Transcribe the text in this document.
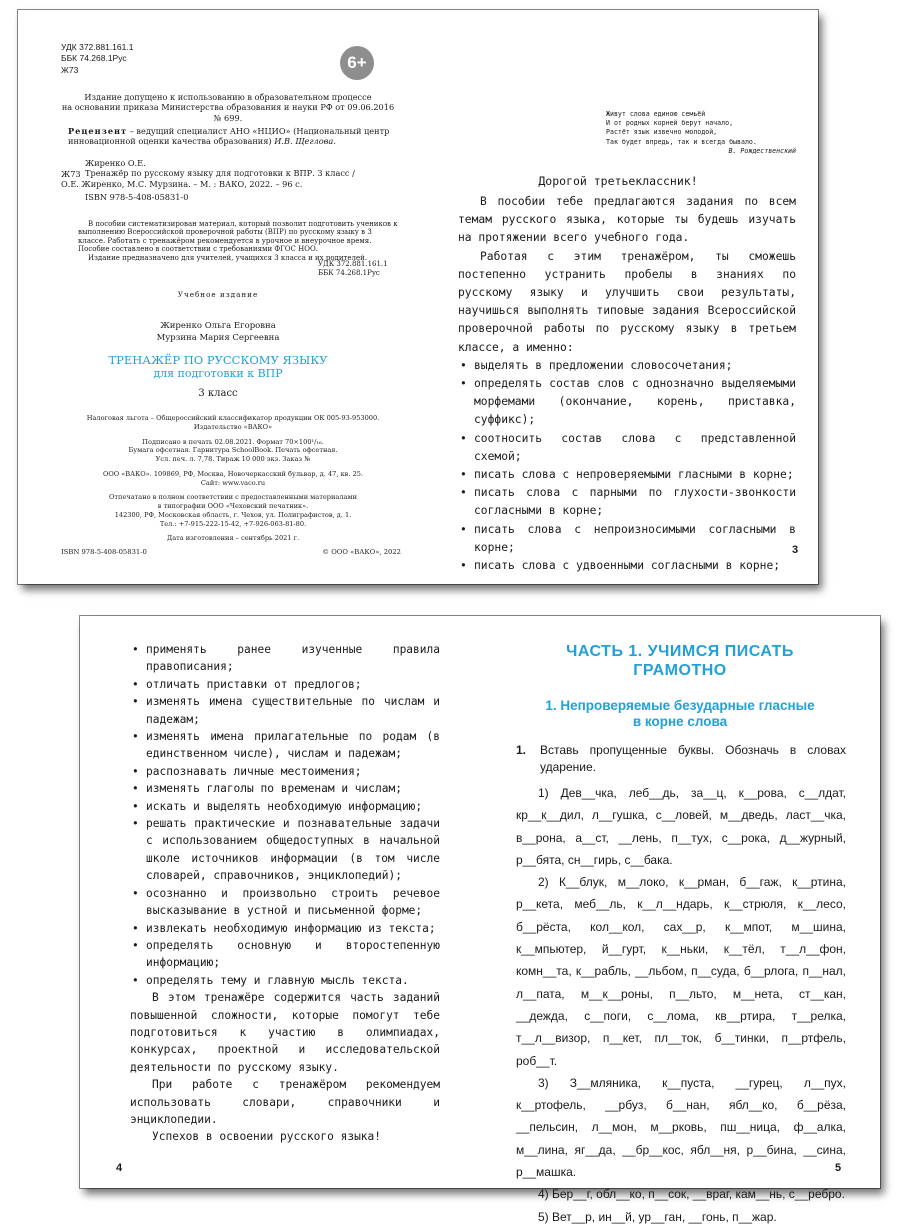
УДК 372.881.161.1
ББК 74.268.1Рус
Ж73	6+
Издание допущено к использованию в образовательном процессе
на основании приказа Министерства образования и науки РФ от 09.06.2016 № 699.
Рецензент – ведущий специалист АНО «НЦИО» (Национальный центр инновационной оценки качества образования) И.В. Щеглова.
Жиренко О.Е.
Ж73 Тренажёр по русскому языку для подготовки к ВПР. 3 класс /
О.Е. Жиренко, М.С. Мурзина. – М. : ВАКО, 2022. – 96 с.
ISBN 978-5-408-05831-0
В пособии систематизирован материал, который позволит подготовить учеников к выполнению Всероссийской проверочной работы (ВПР) по русскому языку в 3 классе. Работать с тренажёром рекомендуется в урочное и внеурочное время. Пособие составлено в соответствии с требованиями ФГОС НОО.
Издание предназначено для учителей, учащихся 3 класса и их родителей.
УДК 372.881.161.1
ББК 74.268.1Рус
Учебное издание
Жиренко Ольга Егоровна
Мурзина Мария Сергеевна
ТРЕНАЖЁР ПО РУССКОМУ ЯЗЫКУ
для подготовки к ВПР
3 класс
Налоговая льгота – Общероссийский классификатор продукции ОК 005-93-953000.
Издательство «ВАКО»
Подписано в печать 02.08.2021. Формат 70×100¹/₁₆.
Бумага офсетная. Гарнитура SchoolBook. Печать офсетная.
Усл. печ. л. 7,78. Тираж 10 000 экз. Заказ №
ООО «ВАКО». 109869, РФ, Москва, Новочеркасский бульвар, д. 47, кв. 25.
Сайт: www.vaco.ru
Отпечатано в полном соответствии с предоставленными материалами
в типографии ООО «Чеховский печатник».
142300, РФ, Московская область, г. Чехов, ул. Полиграфистов, д. 1.
Тел.: +7-915-222-15-42, +7-926-063-81-80.
Дата изготовления – сентябрь 2021 г.
ISBN 978-5-408-05831-0	© ООО «ВАКО», 2022
Живут слова единою семьёй
И от родных корней берут начало,
Растёт язык извечно молодой,
Так будет впредь, так и всегда бывало.
В. Рождественский
Дорогой третьеклассник!

В пособии тебе предлагаются задания по всем темам русского языка, которые ты будешь изучать на протяжении всего учебного года.

Работая с этим тренажёром, ты сможешь постепенно устранить пробелы в знаниях по русскому языку и улучшить свои результаты, научишься выполнять типовые задания Всероссийской проверочной работы по русскому языку в третьем классе, а именно:

• выделять в предложении словосочетания;
• определять состав слов с однозначно выделяемыми морфемами (окончание, корень, приставка, суффикс);
• соотносить состав слова с представленной схемой;
• писать слова с непроверяемыми гласными в корне;
• писать слова с парными по глухости-звонкости согласными в корне;
• писать слова с непроизносимыми согласными в корне;
• писать слова с удвоенными согласными в корне;
3
• применять ранее изученные правила правописания;
• отличать приставки от предлогов;
• изменять имена существительные по числам и падежам;
• изменять имена прилагательные по родам (в единственном числе), числам и падежам;
• распознавать личные местоимения;
• изменять глаголы по временам и числам;
• искать и выделять необходимую информацию;
• решать практические и познавательные задачи с использованием общедоступных в начальной школе источников информации (в том числе словарей, справочников, энциклопедий);
• осознанно и произвольно строить речевое высказывание в устной и письменной форме;
• извлекать необходимую информацию из текста;
• определять основную и второстепенную информацию;
• определять тему и главную мысль текста.

В этом тренажёре содержится часть заданий повышенной сложности, которые помогут тебе подготовиться к участию в олимпиадах, конкурсах, проектной и исследовательской деятельности по русскому языку.

При работе с тренажёром рекомендуем использовать словари, справочники и энциклопедии.

Успехов в освоении русского языка!

4
ЧАСТЬ 1. УЧИМСЯ ПИСАТЬ
ГРАМОТНО
1. Непроверяемые безударные гласные
в корне слова
1. Вставь пропущенные буквы. Обозначь в словах ударение.

1) Дев__чка, леб__дь, за__ц, к__рова, с__лдат, кр__к__дил, л__гушка, с__ловей, м__дведь, ласт__чка, в__рона, а__ст, __лень, п__тух, с__рока, д__журный, р__бята, сн__гирь, с__бака.

2) К__блук, м__локо, к__рман, б__гаж, к__ртина, р__кета, меб__ль, к__л__ндарь, к__стрюля, к__лесо, б__рёста, кол__кол, сах__р, к__мпот, м__шина, к__мпьютер, й__гурт, к__ньки, к__тёл, т__л__фон, комн__та, к__рабль, __льбом, п__суда, б__рлога, п__нал, л__пата, м__к__роны, п__льто, м__нета, ст__кан, __дежда, с__поги, с__лома, кв__ртира, т__релка, т__л__визор, п__кет, пл__ток, б__тинки, п__ртфель, роб__т.

3) З__мляника, к__пуста, __гурец, л__пух, к__ртофель, __рбуз, б__нан, ябл__ко, б__рёза, __пельсин, л__мон, м__рковь, пш__ница, ф__алка, м__лина, яг__да, __бр__кос, ябл__ня, р__бина, __сина, р__машка.

4) Бер__г, обл__ко, п__сок, __враг, кам__нь, с__ребро.

5) Вет__р, ин__й, ур__ган, __гонь, п__жар.

5
